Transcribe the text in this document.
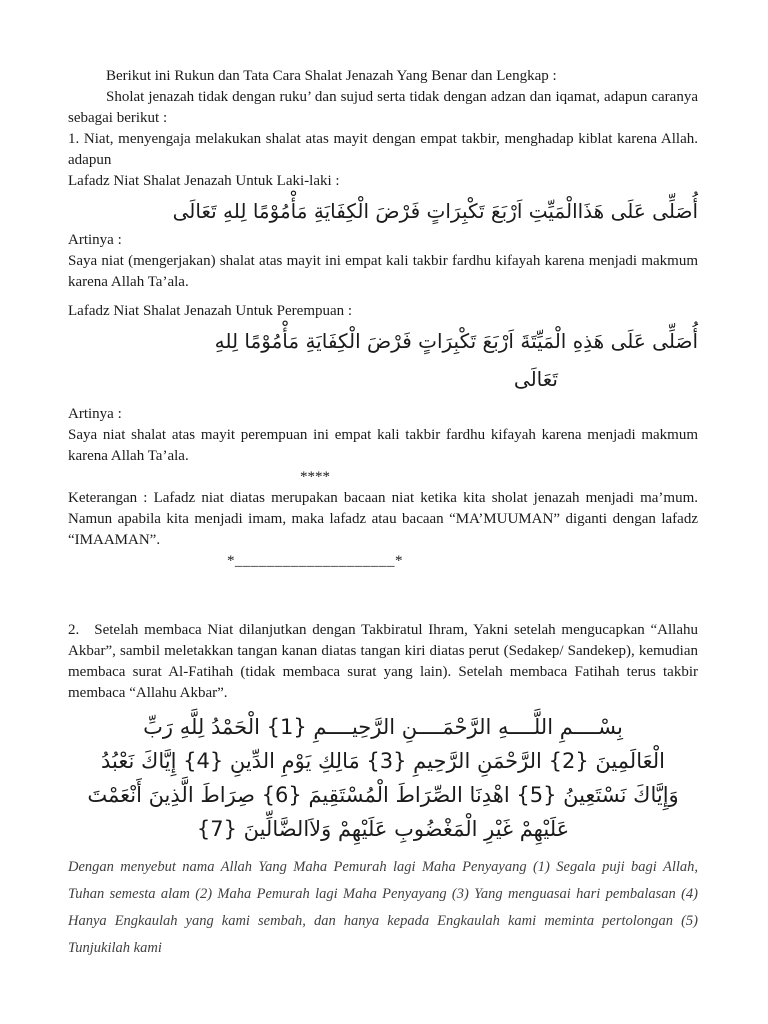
Berikut ini Rukun dan Tata Cara Shalat Jenazah Yang Benar dan Lengkap :

Sholat jenazah tidak dengan ruku’ dan sujud serta tidak dengan adzan dan iqamat, adapun caranya sebagai berikut :

1. Niat, menyengaja melakukan shalat atas mayit dengan empat takbir, menghadap kiblat karena Allah. adapun

Lafadz Niat Shalat Jenazah Untuk Laki-laki :

أُصَلِّى عَلَى هَذَاالْمَيِّتِ اَرْبَعَ تَكْبِرَاتٍ فَرْضَ الْكِفَايَةِ مَأْمُوْمًا لِلهِ تَعَالَى

Artinya :

Saya niat (mengerjakan) shalat atas mayit ini empat kali takbir fardhu kifayah karena menjadi makmum karena Allah Ta’ala.

Lafadz Niat Shalat Jenazah Untuk Perempuan :

أُصَلِّى عَلَى هَذِهِ الْمَيِّتَةَ اَرْبَعَ تَكْبِرَاتٍ فَرْضَ الْكِفَايَةِ مَأْمُوْمًا لِلهِ
تَعَالَى

Artinya :

Saya niat shalat atas mayit perempuan ini empat kali takbir fardhu kifayah karena menjadi makmum karena Allah Ta’ala.

****

Keterangan : Lafadz niat diatas merupakan bacaan niat ketika kita sholat jenazah menjadi ma’mum. Namun apabila kita menjadi imam, maka lafadz atau bacaan “MA’MUUMAN” diganti dengan lafadz “IMAAMAN”.

*____________________*

2.  Setelah membaca Niat dilanjutkan dengan Takbiratul Ihram, Yakni setelah mengucapkan “Allahu Akbar”, sambil meletakkan tangan kanan diatas tangan kiri diatas perut (Sedakep/ Sandekep), kemudian membaca surat Al-Fatihah (tidak membaca surat yang lain). Setelah membaca Fatihah terus takbir membaca “Allahu Akbar”.

بِسْــــمِ اللَّــــهِ الرَّحْمَــــنِ الرَّحِيــــمِ {1} الْحَمْدُ لِلَّهِ رَبِّ
الْعَالَمِينَ {2} الرَّحْمَنِ الرَّحِيمِ {3} مَالِكِ يَوْمِ الدِّينِ {4} إِيَّاكَ نَعْبُدُ
وَإِيَّاكَ نَسْتَعِينُ {5} اهْدِنَا الصِّرَاطَ الْمُسْتَقِيمَ {6} صِرَاطَ الَّذِينَ أَنْعَمْتَ
عَلَيْهِمْ غَيْرِ الْمَغْضُوبِ عَلَيْهِمْ وَلاَالضَّالِّينَ {7}
Dengan menyebut nama Allah Yang Maha Pemurah lagi Maha Penyayang (1) Segala puji bagi Allah, Tuhan semesta alam (2) Maha Pemurah lagi Maha Penyayang (3) Yang menguasai hari pembalasan (4) Hanya Engkaulah yang kami sembah, dan hanya kepada Engkaulah kami meminta pertolongan (5) Tunjukilah kami
